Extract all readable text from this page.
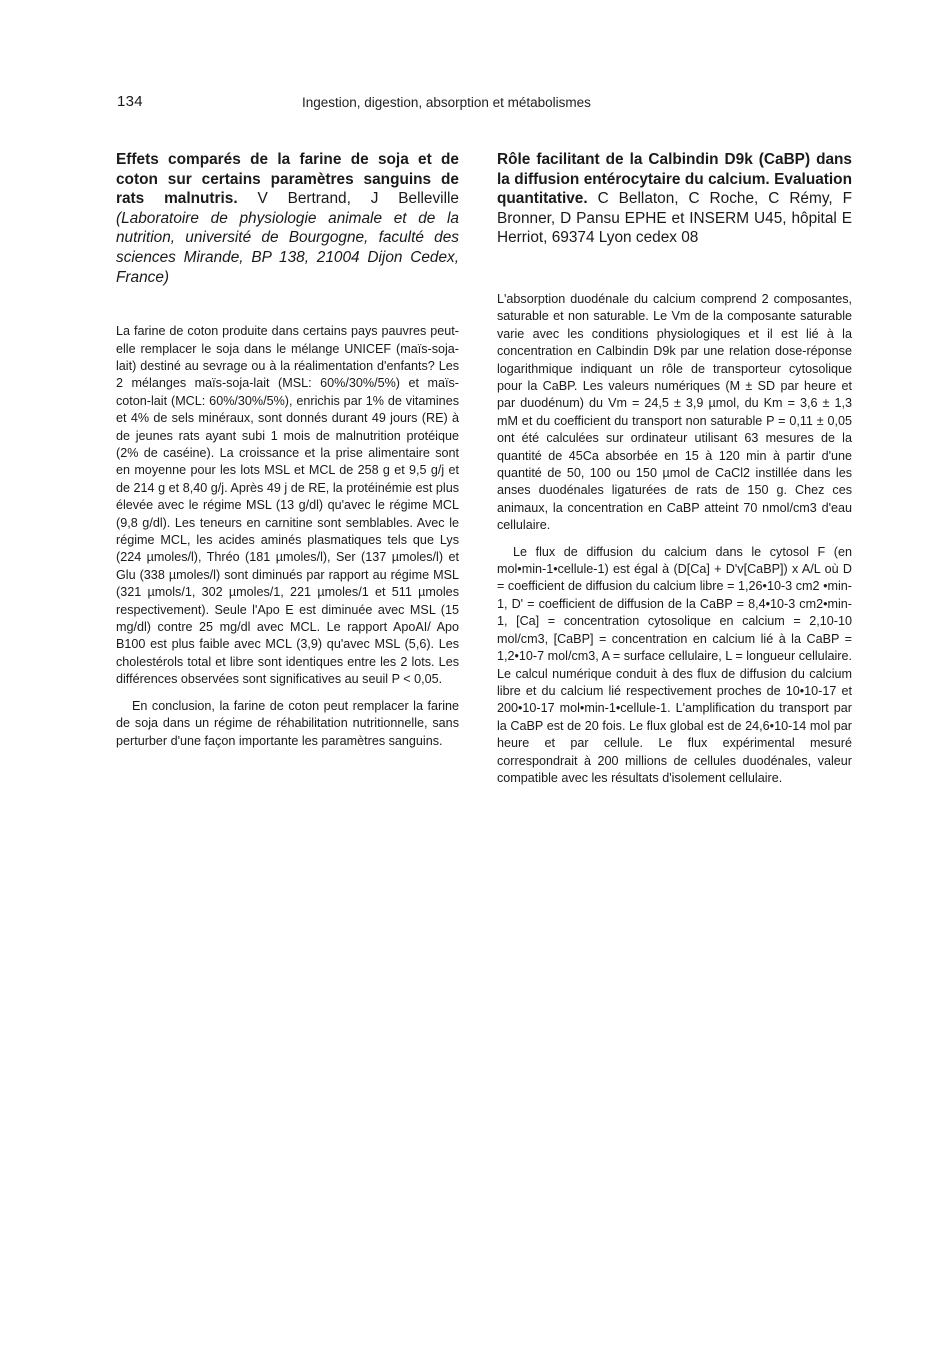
134	Ingestion, digestion, absorption et métabolismes

Effets comparés de la farine de soja et de coton sur certains paramètres sanguins de rats malnutris. V Bertrand, J Belleville (Laboratoire de physiologie animale et de la nutrition, université de Bourgogne, faculté des sciences Mirande, BP 138, 21004 Dijon Cedex, France)

La farine de coton produite dans certains pays pauvres peut-elle remplacer le soja dans le mélange UNICEF (maïs-soja-lait) destiné au sevrage ou à la réalimentation d'enfants? Les 2 mélanges maïs-soja-lait (MSL: 60%/30%/5%) et maïs-coton-lait (MCL: 60%/30%/5%), enrichis par 1% de vitamines et 4% de sels minéraux, sont donnés durant 49 jours (RE) à de jeunes rats ayant subi 1 mois de malnutrition protéique (2% de caséine). La croissance et la prise alimentaire sont en moyenne pour les lots MSL et MCL de 258 g et 9,5 g/j et de 214 g et 8,40 g/j. Après 49 j de RE, la protéinémie est plus élevée avec le régime MSL (13 g/dl) qu'avec le régime MCL (9,8 g/dl). Les teneurs en carnitine sont semblables. Avec le régime MCL, les acides aminés plasmatiques tels que Lys (224 µmoles/l), Thréo (181 µmoles/l), Ser (137 µmoles/l) et Glu (338 µmoles/l) sont diminués par rapport au régime MSL (321 µmols/1, 302 µmoles/1, 221 µmoles/1 et 511 µmoles respectivement). Seule l'Apo E est diminuée avec MSL (15 mg/dl) contre 25 mg/dl avec MCL. Le rapport ApoAI/ Apo B100 est plus faible avec MCL (3,9) qu'avec MSL (5,6). Les cholestérols total et libre sont identiques entre les 2 lots. Les différences observées sont significatives au seuil P < 0,05.

En conclusion, la farine de coton peut remplacer la farine de soja dans un régime de réhabilitation nutritionnelle, sans perturber d'une façon importante les paramètres sanguins.

Rôle facilitant de la Calbindin D9k (CaBP) dans la diffusion entérocytaire du calcium. Evaluation quantitative. C Bellaton, C Roche, C Rémy, F Bronner, D Pansu EPHE et INSERM U45, hôpital E Herriot, 69374 Lyon cedex 08

L'absorption duodénale du calcium comprend 2 composantes, saturable et non saturable. Le Vm de la composante saturable varie avec les conditions physiologiques et il est lié à la concentration en Calbindin D9k par une relation dose-réponse logarithmique indiquant un rôle de transporteur cytosolique pour la CaBP. Les valeurs numériques (M ± SD par heure et par duodénum) du Vm = 24,5 ± 3,9 µmol, du Km = 3,6 ± 1,3 mM et du coefficient du transport non saturable P = 0,11 ± 0,05 ont été calculées sur ordinateur utilisant 63 mesures de la quantité de 45Ca absorbée en 15 à 120 min à partir d'une quantité de 50, 100 ou 150 µmol de CaCl2 instillée dans les anses duodénales ligaturées de rats de 150 g. Chez ces animaux, la concentration en CaBP atteint 70 nmol/cm3 d'eau cellulaire.

Le flux de diffusion du calcium dans le cytosol F (en mol•min-1•cellule-1) est égal à (D[Ca] + D'v[CaBP]) x A/L où D = coefficient de diffusion du calcium libre = 1,26•10-3 cm2 •min-1, D' = coefficient de diffusion de la CaBP = 8,4•10-3 cm2•min-1, [Ca] = concentration cytosolique en calcium = 2,10-10 mol/cm3, [CaBP] = concentration en calcium lié à la CaBP = 1,2•10-7 mol/cm3, A = surface cellulaire, L = longueur cellulaire. Le calcul numérique conduit à des flux de diffusion du calcium libre et du calcium lié respectivement proches de 10•10-17 et 200•10-17 mol•min-1•cellule-1. L'amplification du transport par la CaBP est de 20 fois. Le flux global est de 24,6•10-14 mol par heure et par cellule. Le flux expérimental mesuré correspondrait à 200 millions de cellules duodénales, valeur compatible avec les résultats d'isolement cellulaire.
